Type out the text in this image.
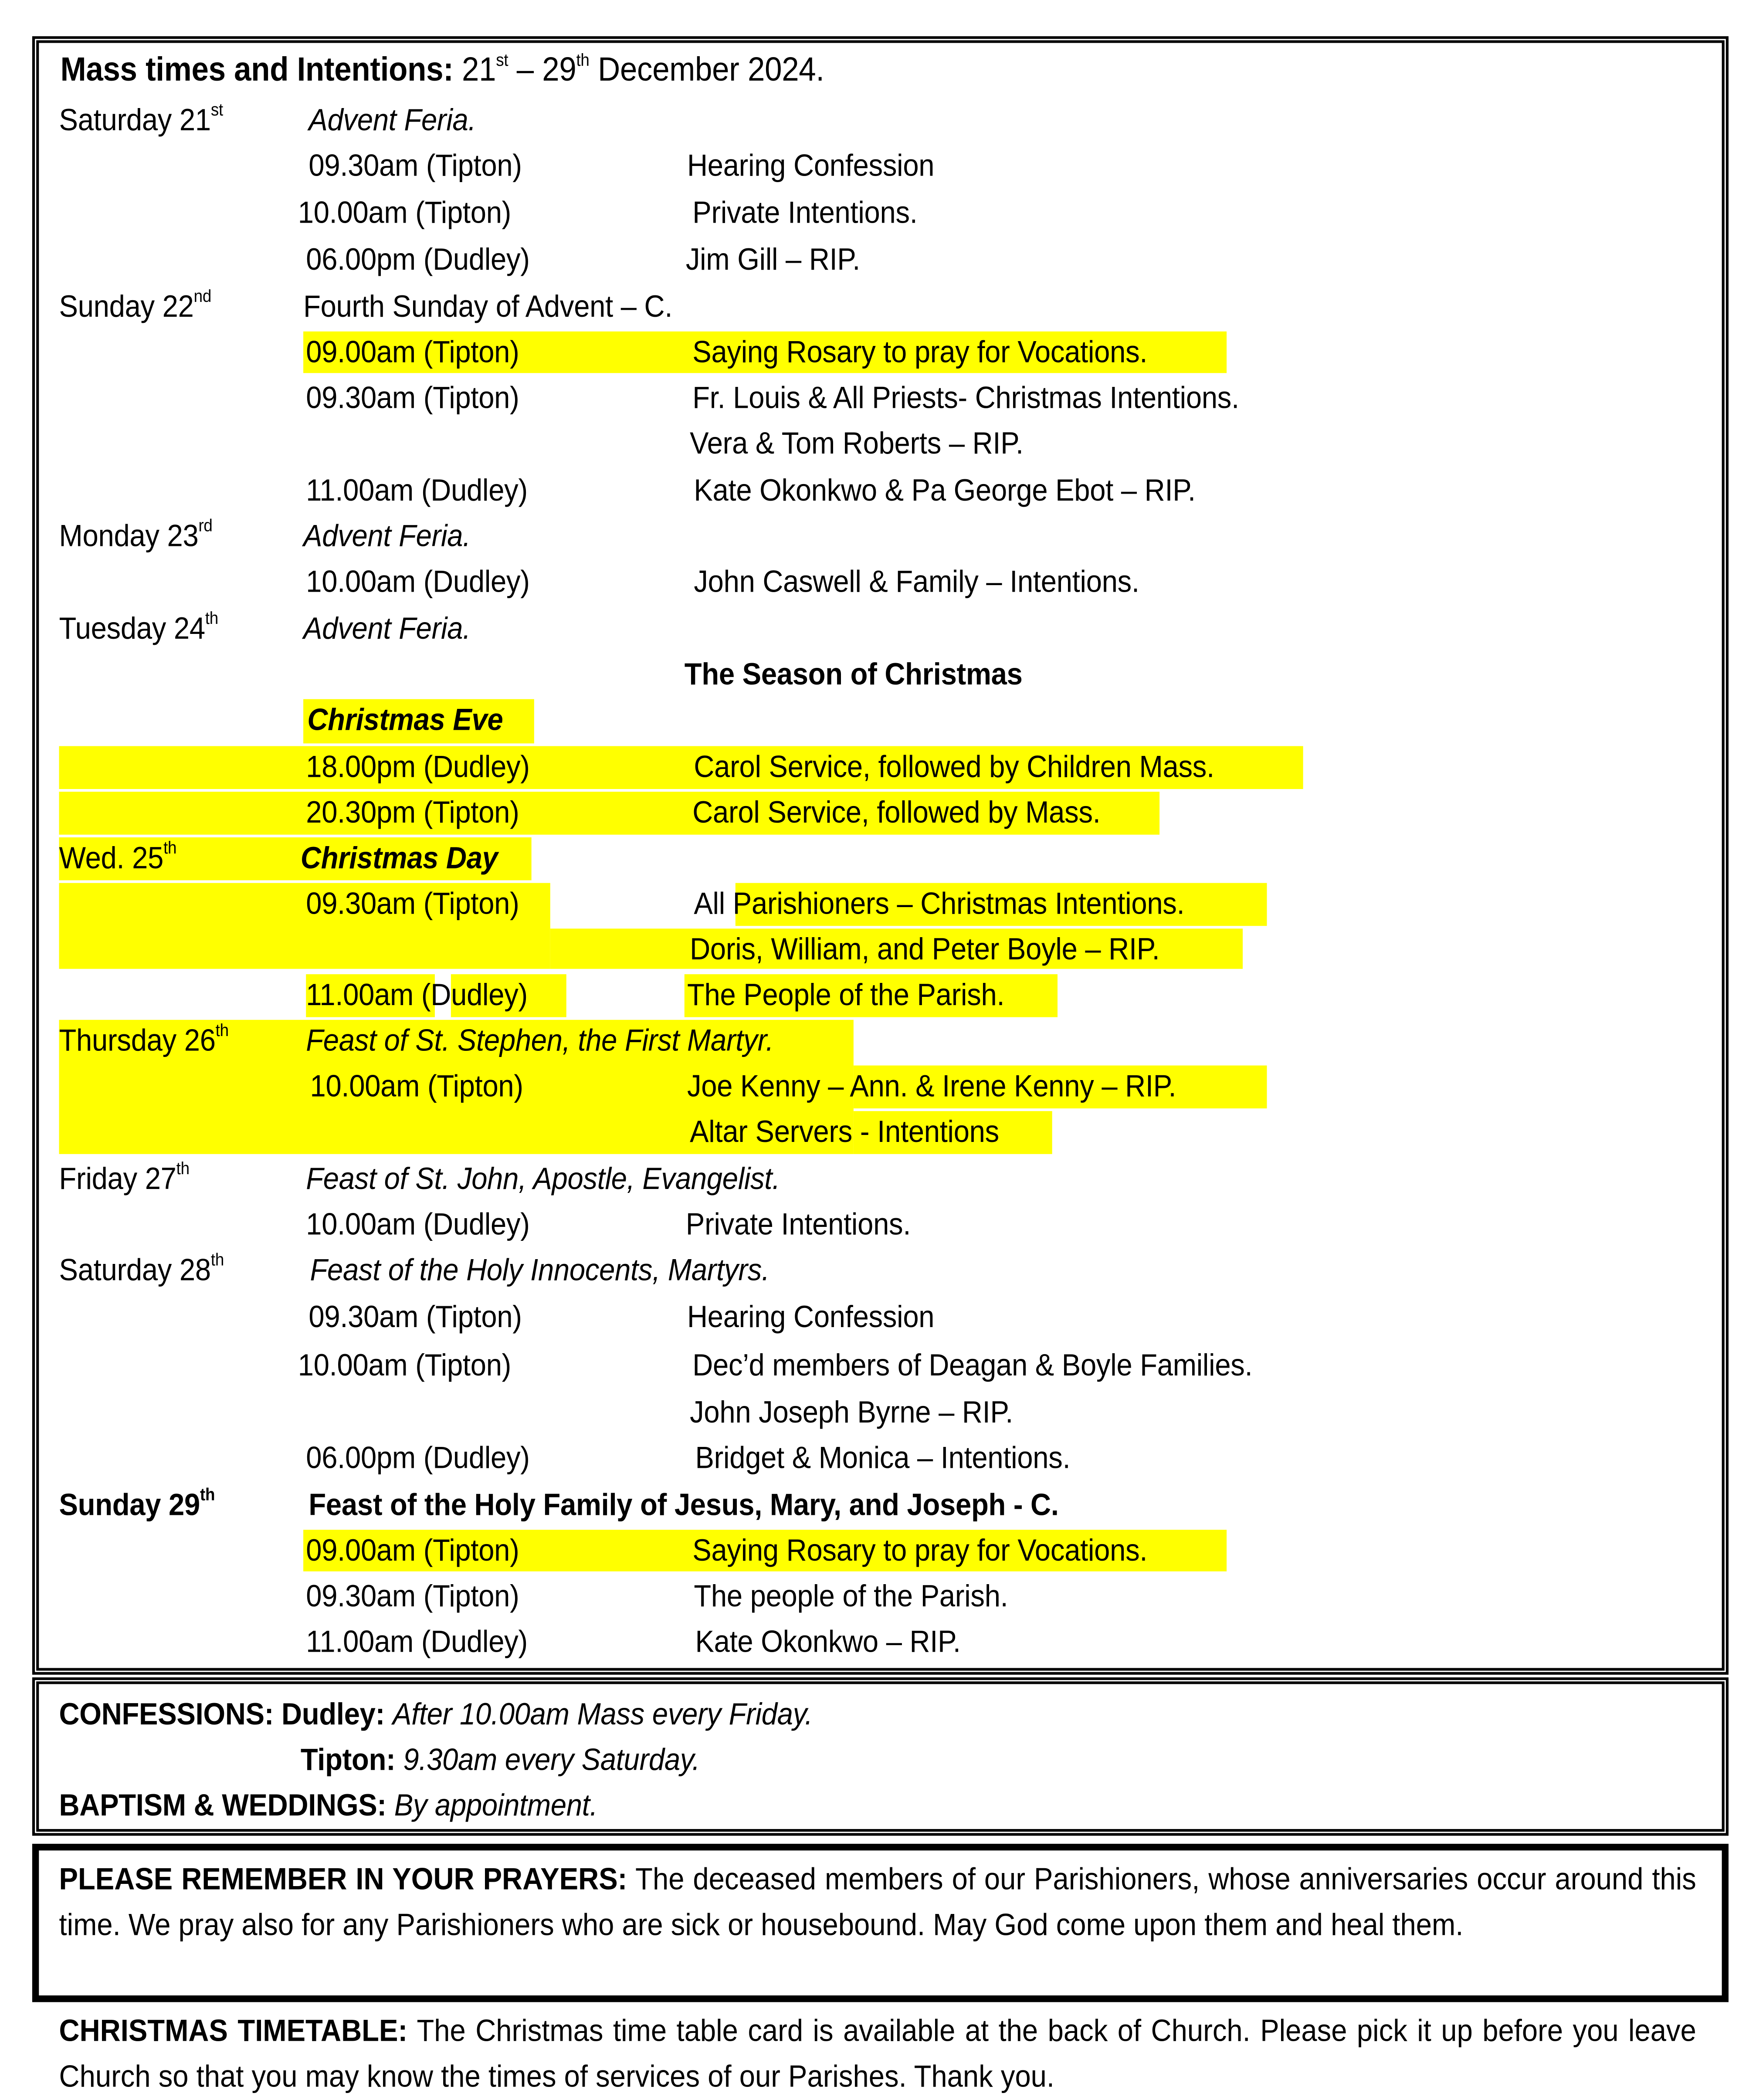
Mass times and Intentions: 21st – 29th December 2024.
Saturday 21st	Advent Feria.
09.30am (Tipton)	Hearing Confession
10.00am (Tipton)	Private Intentions.
06.00pm (Dudley)	Jim Gill – RIP.
Sunday 22nd	Fourth Sunday of Advent – C.
09.00am (Tipton)	Saying Rosary to pray for Vocations.
09.30am (Tipton)	Fr. Louis & All Priests- Christmas Intentions.
Vera & Tom Roberts – RIP.
11.00am (Dudley)	Kate Okonkwo & Pa George Ebot – RIP.
Monday 23rd	Advent Feria.
10.00am (Dudley)	John Caswell & Family – Intentions.
Tuesday 24th	Advent Feria.
The Season of Christmas
Christmas Eve
18.00pm (Dudley)	Carol Service, followed by Children Mass.
20.30pm (Tipton)	Carol Service, followed by Mass.
Wed. 25th	Christmas Day
09.30am (Tipton)	All Parishioners – Christmas Intentions.
Doris, William, and Peter Boyle – RIP.
11.00am (Dudley)	The People of the Parish.
Thursday 26th	Feast of St. Stephen, the First Martyr.
10.00am (Tipton)	Joe Kenny – Ann. & Irene Kenny – RIP.
Altar Servers - Intentions
Friday 27th	Feast of St. John, Apostle, Evangelist.
10.00am (Dudley)	Private Intentions.
Saturday 28th	Feast of the Holy Innocents, Martyrs.
09.30am (Tipton)	Hearing Confession
10.00am (Tipton)	Dec’d members of Deagan & Boyle Families.
John Joseph Byrne – RIP.
06.00pm (Dudley)	Bridget & Monica – Intentions.
Sunday 29th	Feast of the Holy Family of Jesus, Mary, and Joseph - C.
09.00am (Tipton)	Saying Rosary to pray for Vocations.
09.30am (Tipton)	The people of the Parish.
11.00am (Dudley)	Kate Okonkwo – RIP.
CONFESSIONS: Dudley: After 10.00am Mass every Friday.
Tipton: 9.30am every Saturday.
BAPTISM & WEDDINGS: By appointment.
PLEASE REMEMBER IN YOUR PRAYERS: The deceased members of our Parishioners, whose anniversaries occur around this time. We pray also for any Parishioners who are sick or housebound. May God come upon them and heal them.
CHRISTMAS TIMETABLE: The Christmas time table card is available at the back of Church. Please pick it up before you leave Church so that you may know the times of services of our Parishes. Thank you.
